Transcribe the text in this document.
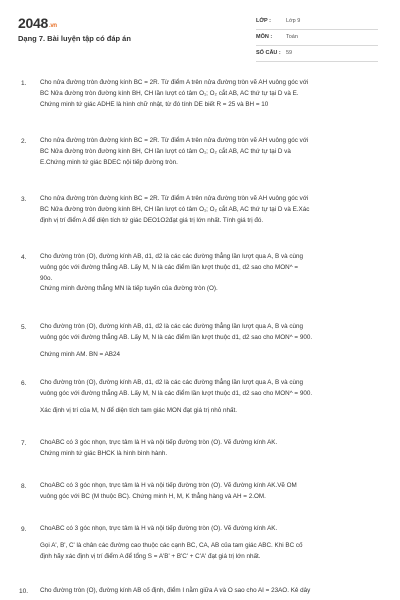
2048.vn
Dạng 7. Bài luyện tập có đáp án
LỚP :	Lớp 9
MÔN :	Toán
SỐ CÂU : 59
1. Cho nửa đường tròn đường kính BC = 2R. Từ điểm A trên nửa đường tròn vẽ AH vuông góc với

BC Nửa đường tròn đường kính BH, CH lần lượt có tâm O₁; O₂ cắt AB, AC thứ tự tại D và E.

Chứng minh tứ giác ADHE là hình chữ nhật, từ đó tính DE biết R = 25 và BH = 10

2. Cho nửa đường tròn đường kính BC = 2R. Từ điểm A trên nửa đường tròn vẽ AH vuông góc với

BC Nửa đường tròn đường kính BH, CH lần lượt có tâm O₁; O₂ cắt AB, AC thứ tự tại D và

E.Chứng minh tứ giác BDEC nội tiếp đường tròn.

3. Cho nửa đường tròn đường kính BC = 2R. Từ điểm A trên nửa đường tròn vẽ AH vuông góc với

BC Nửa đường tròn đường kính BH, CH lần lượt có tâm O₁; O₂ cắt AB, AC thứ tự tại D và E.Xác

định vị trí điểm A để diện tích tứ giác DEO1O2đạt giá trị lớn nhất. Tính giá trị đó.

4. Cho đường tròn (O), đường kính AB, d1, d2 là các các đường thẳng lần lượt qua A, B và cùng

vuông góc với đường thẳng AB. Lấy M, N là các điểm lần lượt thuộc d1, d2 sao cho MON^ =

90o.

Chứng minh đường thẳng MN là tiếp tuyến của đường tròn (O).

5. Cho đường tròn (O), đường kính AB, d1, d2 là các các đường thẳng lần lượt qua A, B và cùng

vuông góc với đường thẳng AB. Lấy M, N là các điểm lần lượt thuộc d1, d2 sao cho MON^ = 900.

Chứng minh AM. BN = AB24

6. Cho đường tròn (O), đường kính AB, d1, d2 là các các đường thẳng lần lượt qua A, B và cùng

vuông góc với đường thẳng AB. Lấy M, N là các điểm lần lượt thuộc d1, d2 sao cho MON^ = 900.

Xác định vị trí của M, N để diện tích tam giác MON đạt giá trị nhỏ nhất.

7. ChoABC có 3 góc nhọn, trực tâm là H và nội tiếp đường tròn (O). Vẽ đường kính AK.

Chứng minh tứ giác BHCK là hình bình hành.

8. ChoABC có 3 góc nhọn, trực tâm là H và nội tiếp đường tròn (O). Vẽ đường kính AK.Vẽ OM

vuông góc với BC (M thuộc BC). Chứng minh H, M, K thẳng hàng và AH = 2.OM.

9. ChoABC có 3 góc nhọn, trực tâm là H và nội tiếp đường tròn (O). Vẽ đường kính AK.

Gọi A', B', C' là chân các đường cao thuộc các cạnh BC, CA, AB của tam giác ABC. Khi BC cố

định hãy xác định vị trí điểm A để tổng S = A'B' + B'C' + C'A' đạt giá trị lớn nhất.

10. Cho đường tròn (O), đường kính AB cố định, điểm I nằm giữa A và O sao cho AI = 23AO. Kẻ dây
